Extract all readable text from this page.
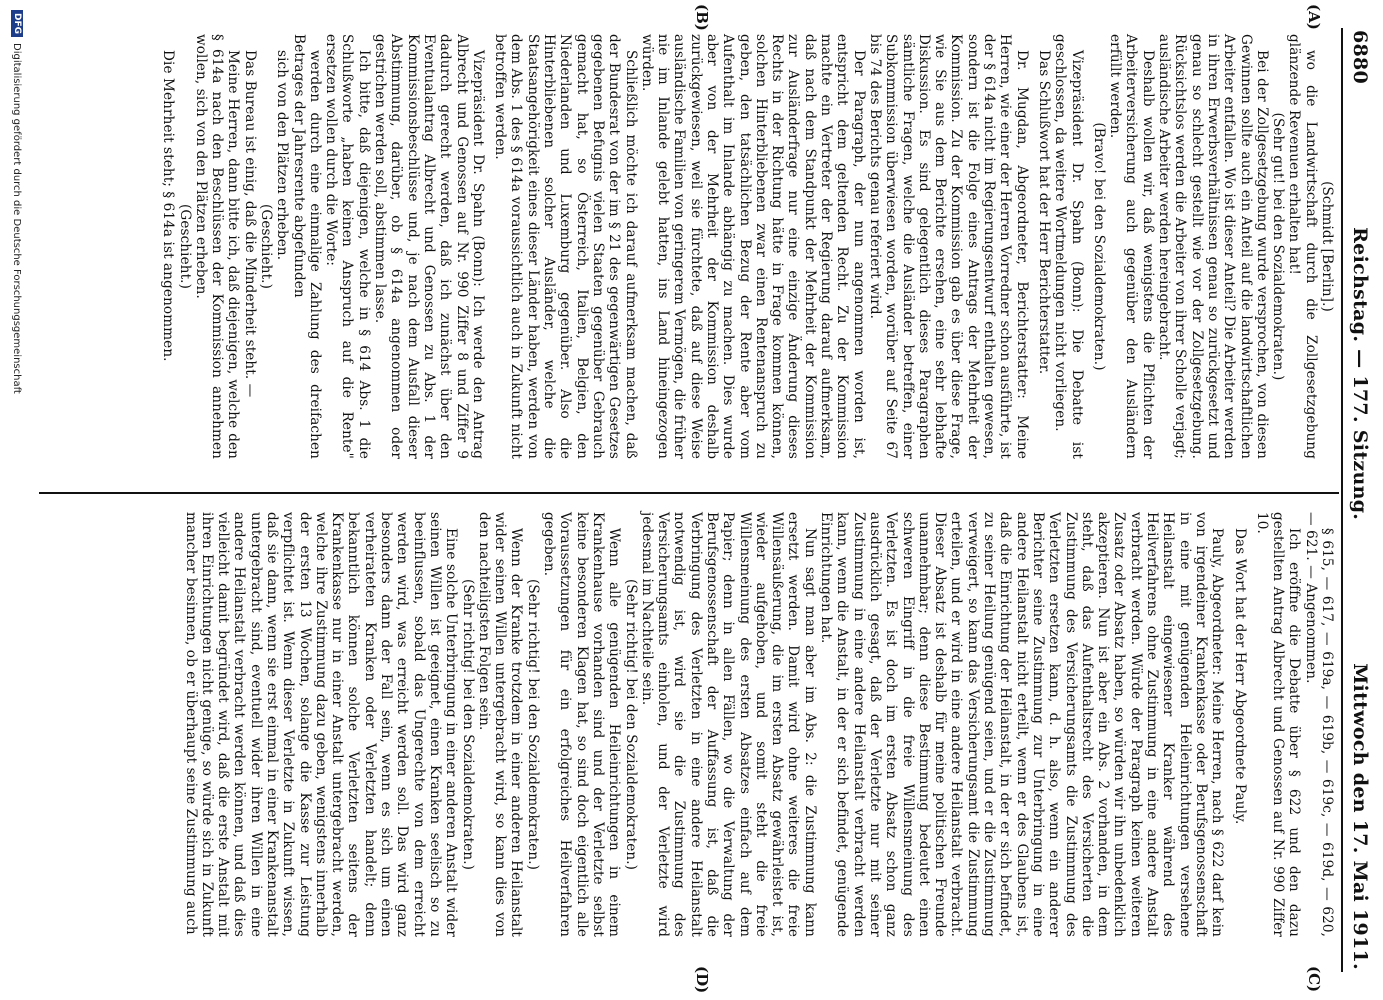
6880
Reichstag. — 177. Sitzung.
Mittwoch den 17. Mai 1911.
(A)
(B)
(C)
(D)

(Schmidt [Berlin].)

wo die Landwirtschaft durch die Zollgesetzgebung glänzende Revenuen erhalten hat!

(Sehr gut! bei den Sozialdemokraten.)

Bei der Zollgesetzgebung wurde versprochen, von diesen Gewinnen sollte auch ein Anteil auf die landwirtschaftlichen Arbeiter entfallen. Wo ist dieser Anteil? Die Arbeiter werden in ihren Erwerbsverhältnissen genau so zurückgesetzt und genau so schlecht gestellt wie vor der Zollgesetzgebung. Rücksichtslos werden die Arbeiter von ihrer Scholle verjagt; ausländische Arbeiter werden hereingebracht.

Deshalb wollen wir, daß wenigstens die Pflichten der Arbeiterversicherung auch gegenüber den Ausländern erfüllt werden.

(Bravo! bei den Sozialdemokraten.)

Vizepräsident Dr. Spahn (Bonn): Die Debatte ist geschlossen, da weitere Wortmeldungen nicht vorliegen.

Das Schlußwort hat der Herr Berichterstatter.

Dr. Mugdan, Abgeordneter, Berichterstatter: Meine Herren, wie einer der Herren Vorredner schon ausführte, ist der § 614a nicht im Regierungsentwurf enthalten gewesen, sondern ist die Folge eines Antrags der Mehrheit der Kommission. Zu der Kommission gab es über diese Frage, wie Sie aus dem Berichte ersehen, eine sehr lebhafte Diskussion. Es sind gelegentlich dieses Paragraphen sämtliche Fragen, welche die Ausländer betreffen, einer Subkommission überwiesen worden, worüber auf Seite 67 bis 74 des Berichts genau referiert wird.

Der Paragraph, der nun angenommen worden ist, entspricht dem geltenden Recht. Zu der Kommission machte ein Vertreter der Regierung darauf aufmerksam, daß nach dem Standpunkt der Mehrheit der Kommission zur Ausländerfrage nur eine einzige Änderung dieses Rechts in der Richtung hätte in Frage kommen können, solchen Hinterbliebenen zwar einen Rentenanspruch zu geben, den tatsächlichen Bezug der Rente aber vom Aufenthalt im Inlande abhängig zu machen. Dies wurde aber von der Mehrheit der Kommission deshalb zurückgewiesen, weil sie fürchtete, daß auf diese Weise ausländische Familien von geringerem Vermögen, die früher nie im Inlande gelebt hatten, ins Land hineingezogen würden.

Schließlich möchte ich darauf aufmerksam machen, daß der Bundesrat von der im § 21 des gegenwärtigen Gesetzes gegebenen Befugnis vielen Staaten gegenüber Gebrauch gemacht hat, so Österreich, Italien, Belgien, den Niederlanden und Luxemburg gegenüber. Also die Hinterbliebenen solcher Ausländer, welche die Staatsangehörigkeit eines dieser Länder haben, werden von dem Abs. 1 des § 614a voraussichtlich auch in Zukunft nicht betroffen werden.

Vizepräsident Dr. Spahn (Bonn): Ich werde den Antrag Albrecht und Genossen auf Nr. 990 Ziffer 8 und Ziffer 9 dadurch gerecht werden, daß ich zunächst über den Eventualantrag Albrecht und Genossen zu Abs. 1 der Kommissionsbeschlüsse und, je nach dem Ausfall dieser Abstimmung, darüber, ob § 614a angenommen oder gestrichen werden soll, abstimmen lasse.

Ich bitte, daß diejenigen, welche in § 614 Abs. 1 die Schlußworte „haben keinen Anspruch auf die Rente" ersetzen wollen durch die Worte:

werden durch eine einmalige Zahlung des dreifachen Betrages der Jahresrente abgefunden

sich von den Plätzen erheben.

(Geschieht.)

Das Bureau ist einig, daß die Minderheit steht. —

Meine Herren, dann bitte ich, daß diejenigen, welche den § 614a nach den Beschlüssen der Kommission annehmen wollen, sich von den Plätzen erheben.

(Geschieht.)

Die Mehrheit steht; § 614a ist angenommen.

§ 615, — 617, — 619a, — 619b, — 619c, — 619d, — 620, — 621. — Angenommen.

Ich eröffne die Debatte über § 622 und den dazu gestellten Antrag Albrecht und Genossen auf Nr. 990 Ziffer 10.

Das Wort hat der Herr Abgeordnete Pauly.

Pauly, Abgeordneter: Meine Herren, nach § 622 darf kein von irgendeiner Krankenkasse oder Berufsgenossenschaft in eine mit genügenden Heileinrichtungen versehene Heilanstalt eingewiesener Kranker während des Heilverfahrens ohne Zustimmung in eine andere Anstalt verbracht werden. Würde der Paragraph keinen weiteren Zusatz oder Absatz haben, so würden wir ihn unbedenklich akzeptieren. Nun ist aber ein Abs. 2 vorhanden, in dem steht, daß das Aufenthaltsrecht des Versicherten die Zustimmung des Versicherungsamts die Zustimmung des Verletzten ersetzen kann, d. h. also, wenn ein anderer Berichter seine Zustimmung zur Unterbringung in eine andere Heilanstalt nicht erteilt, wenn er des Glaubens ist, daß die Einrichtung der Heilanstalt, in der er sich befindet, zu seiner Heilung genügend seien, und er die Zustimmung verweigert, so kann das Versicherungsamt die Zustimmung erteilen, und er wird in eine andere Heilanstalt verbracht. Dieser Absatz ist deshalb für meine politischen Freunde unannehmbar; denn diese Bestimmung bedeutet einen schweren Eingriff in die freie Willensmeinung des Verletzten. Es ist doch im ersten Absatz schon ganz ausdrücklich gesagt, daß der Verletzte nur mit seiner Zustimmung in eine andere Heilanstalt verbracht werden kann, wenn die Anstalt, in der er sich befindet, genügende Einrichtungen hat.

Nun sagt man aber im Abs. 2: die Zustimmung kann ersetzt werden. Damit wird ohne weiteres die freie Willensäußerung, die im ersten Absatz gewährleistet ist, wieder aufgehoben, und somit steht die freie Willensmeinung des ersten Absatzes einfach auf dem Papier; denn in allen Fällen, wo die Verwaltung der Berufsgenossenschaft der Auffassung ist, daß die Verbringung des Verletzten in eine andere Heilanstalt notwendig ist, wird sie die Zustimmung des Versicherungsamts einholen, und der Verletzte wird jedesmal im Nachteile sein.

(Sehr richtig! bei den Sozialdemokraten.)

Wenn alle genügenden Heileinrichtungen in einem Krankenhause vorhanden sind und der Verletzte selbst keine besonderen Klagen hat, so sind doch eigentlich alle Voraussetzungen für ein erfolgreiches Heilverfahren gegeben.

(Sehr richtig! bei den Sozialdemokraten.)

Wenn der Kranke trotzdem in einer anderen Heilanstalt wider seinen Willen untergebracht wird, so kann dies von den nachteiligsten Folgen sein.

(Sehr richtig! bei den Sozialdemokraten.)

Eine solche Unterbringung in einer anderen Anstalt wider seinen Willen ist geeignet, einen Kranken seelisch so zu beeinflussen, sobald das Ungerechte von dem erreicht werden wird, was erreicht werden soll. Das wird ganz besonders dann der Fall sein, wenn es sich um einen verheirateten Kranken oder Verletzten handelt; denn bekanntlich können solche Verletzten seitens der Krankenkasse nur in einer Anstalt untergebracht werden, welche ihre Zustimmung dazu geben, wenigstens innerhalb der ersten 13 Wochen, solange die Kasse zur Leistung verpflichtet ist. Wenn dieser Verletzte in Zukunft wissen, daß sie dann, wenn sie erst einmal in einer Krankenanstalt untergebracht sind, eventuell wider ihren Willen in eine andere Heilanstalt verbracht werden können, und daß dies vielleicht damit begründet wird, daß die erste Anstalt mit ihren Einrichtungen nicht genüge, so würde sich in Zukunft mancher besinnen, ob er überhaupt seine Zustimmung auch

DFG
Digitalisierung gefördert durch die Deutsche Forschungsgemeinschaft
